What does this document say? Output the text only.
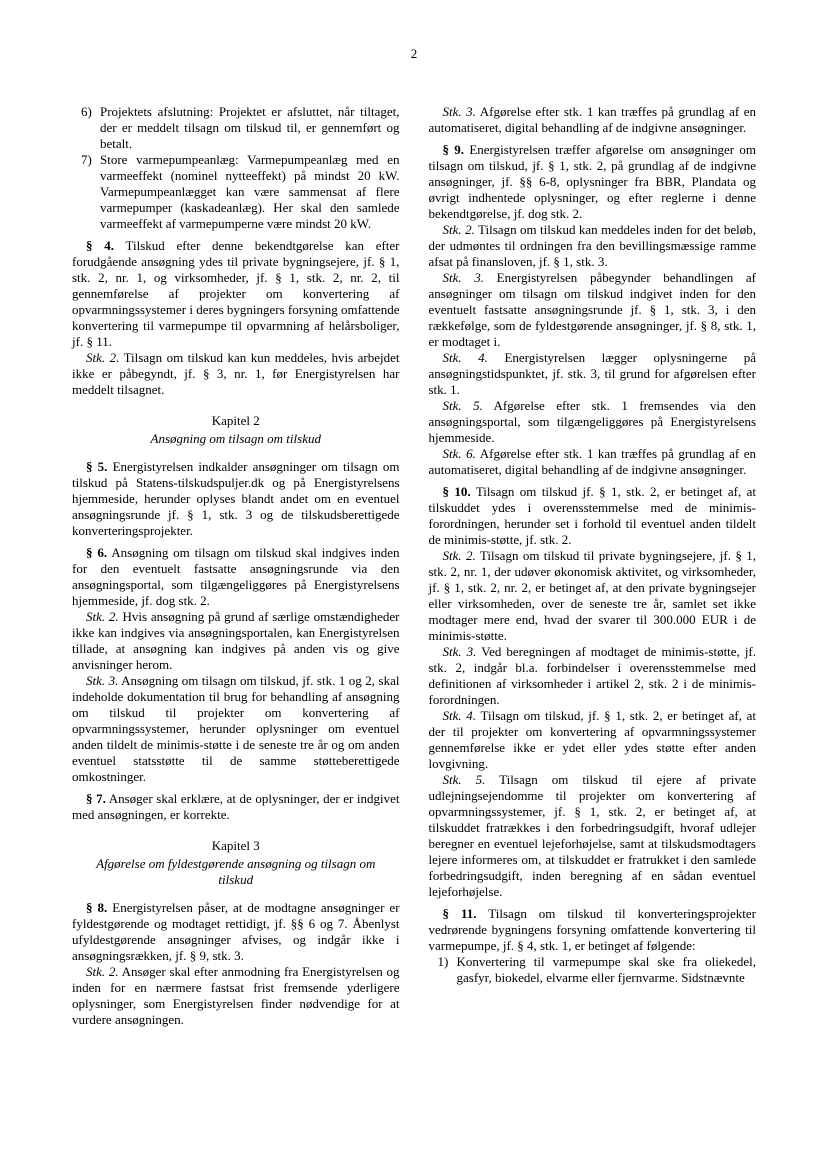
2
6) Projektets afslutning: Projektet er afsluttet, når tiltaget, der er meddelt tilsagn om tilskud til, er gennemført og betalt.
7) Store varmepumpeanlæg: Varmepumpeanlæg med en varmeeffekt (nominel nytteeffekt) på mindst 20 kW. Varmepumpeanlægget kan være sammensat af flere varmepumper (kaskadeanlæg). Her skal den samlede varmeeffekt af varmepumperne være mindst 20 kW.

§ 4. Tilskud efter denne bekendtgørelse kan efter forudgående ansøgning ydes til private bygningsejere, jf. § 1, stk. 2, nr. 1, og virksomheder, jf. § 1, stk. 2, nr. 2, til gennemførelse af projekter om konvertering af opvarmningssystemer i deres bygningers forsyning omfattende konvertering til varmepumpe til opvarmning af helårsboliger, jf. § 11.

Stk. 2. Tilsagn om tilskud kan kun meddeles, hvis arbejdet ikke er påbegyndt, jf. § 3, nr. 1, før Energistyrelsen har meddelt tilsagnet.

Kapitel 2
Ansøgning om tilsagn om tilskud

§ 5. Energistyrelsen indkalder ansøgninger om tilsagn om tilskud på Statens-tilskudspuljer.dk og på Energistyrelsens hjemmeside, herunder oplyses blandt andet om en eventuel ansøgningsrunde jf. § 1, stk. 3 og de tilskudsberettigede konverteringsprojekter.

§ 6. Ansøgning om tilsagn om tilskud skal indgives inden for den eventuelt fastsatte ansøgningsrunde via den ansøgningsportal, som tilgængeliggøres på Energistyrelsens hjemmeside, jf. dog stk. 2.

Stk. 2. Hvis ansøgning på grund af særlige omstændigheder ikke kan indgives via ansøgningsportalen, kan Energistyrelsen tillade, at ansøgning kan indgives på anden vis og give anvisninger herom.

Stk. 3. Ansøgning om tilsagn om tilskud, jf. stk. 1 og 2, skal indeholde dokumentation til brug for behandling af ansøgning om tilskud til projekter om konvertering af opvarmningssystemer, herunder oplysninger om eventuel anden tildelt de minimis-støtte i de seneste tre år og om anden eventuel statsstøtte til de samme støtteberettigede omkostninger.

§ 7. Ansøger skal erklære, at de oplysninger, der er indgivet med ansøgningen, er korrekte.

Kapitel 3
Afgørelse om fyldestgørende ansøgning og tilsagn om tilskud

§ 8. Energistyrelsen påser, at de modtagne ansøgninger er fyldestgørende og modtaget rettidigt, jf. §§ 6 og 7. Åbenlyst ufyldestgørende ansøgninger afvises, og indgår ikke i ansøgningsrækken, jf. § 9, stk. 3.

Stk. 2. Ansøger skal efter anmodning fra Energistyrelsen og inden for en nærmere fastsat frist fremsende yderligere oplysninger, som Energistyrelsen finder nødvendige for at vurdere ansøgningen.

Stk. 3. Afgørelse efter stk. 1 kan træffes på grundlag af en automatiseret, digital behandling af de indgivne ansøgninger.

§ 9. Energistyrelsen træffer afgørelse om ansøgninger om tilsagn om tilskud, jf. § 1, stk. 2, på grundlag af de indgivne ansøgninger, jf. §§ 6-8, oplysninger fra BBR, Plandata og øvrigt indhentede oplysninger, og efter reglerne i denne bekendtgørelse, jf. dog stk. 2.

Stk. 2. Tilsagn om tilskud kan meddeles inden for det beløb, der udmøntes til ordningen fra den bevillingsmæssige ramme afsat på finansloven, jf. § 1, stk. 3.

Stk. 3. Energistyrelsen påbegynder behandlingen af ansøgninger om tilsagn om tilskud indgivet inden for den eventuelt fastsatte ansøgningsrunde jf. § 1, stk. 3, i den rækkefølge, som de fyldestgørende ansøgninger, jf. § 8, stk. 1, er modtaget i.

Stk. 4. Energistyrelsen lægger oplysningerne på ansøgningstidspunktet, jf. stk. 3, til grund for afgørelsen efter stk. 1.

Stk. 5. Afgørelse efter stk. 1 fremsendes via den ansøgningsportal, som tilgængeliggøres på Energistyrelsens hjemmeside.

Stk. 6. Afgørelse efter stk. 1 kan træffes på grundlag af en automatiseret, digital behandling af de indgivne ansøgninger.

§ 10. Tilsagn om tilskud jf. § 1, stk. 2, er betinget af, at tilskuddet ydes i overensstemmelse med de minimis-forordningen, herunder set i forhold til eventuel anden tildelt de minimis-støtte, jf. stk. 2.

Stk. 2. Tilsagn om tilskud til private bygningsejere, jf. § 1, stk. 2, nr. 1, der udøver økonomisk aktivitet, og virksomheder, jf. § 1, stk. 2, nr. 2, er betinget af, at den private bygningsejer eller virksomheden, over de seneste tre år, samlet set ikke modtager mere end, hvad der svarer til 300.000 EUR i de minimis-støtte.

Stk. 3. Ved beregningen af modtaget de minimis-støtte, jf. stk. 2, indgår bl.a. forbindelser i overensstemmelse med definitionen af virksomheder i artikel 2, stk. 2 i de minimis-forordningen.

Stk. 4. Tilsagn om tilskud, jf. § 1, stk. 2, er betinget af, at der til projekter om konvertering af opvarmningssystemer gennemførelse ikke er ydet eller ydes støtte efter anden lovgivning.

Stk. 5. Tilsagn om tilskud til ejere af private udlejningsejendomme til projekter om konvertering af opvarmningssystemer, jf. § 1, stk. 2, er betinget af, at tilskuddet fratrækkes i den forbedringsudgift, hvoraf udlejer beregner en eventuel lejeforhøjelse, samt at tilskudsmodtagers lejere informeres om, at tilskuddet er fratrukket i den samlede forbedringsudgift, inden beregning af en sådan eventuel lejeforhøjelse.

§ 11. Tilsagn om tilskud til konverteringsprojekter vedrørende bygningens forsyning omfattende konvertering til varmepumpe, jf. § 4, stk. 1, er betinget af følgende:

1) Konvertering til varmepumpe skal ske fra oliekedel, gasfyr, biokedel, elvarme eller fjernvarme. Sidstnævnte
